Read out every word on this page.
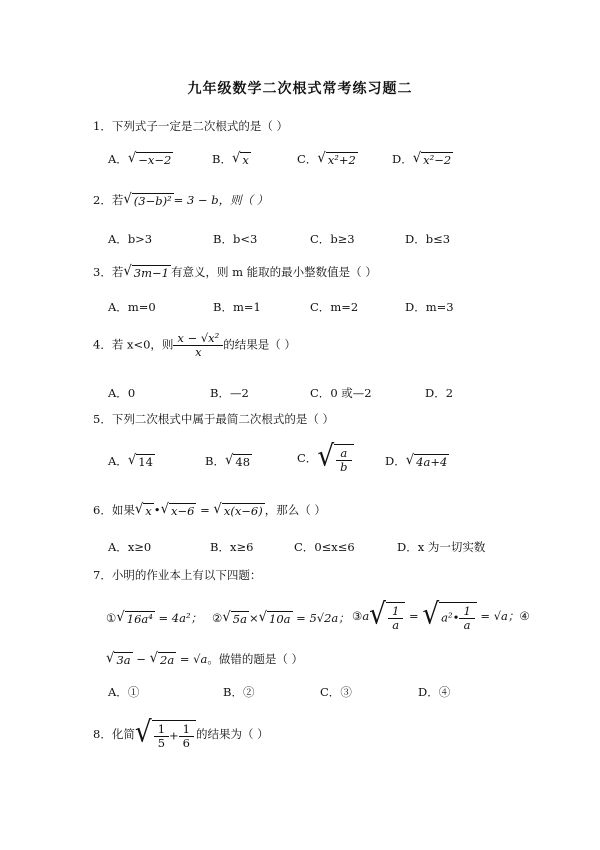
九年级数学二次根式常考练习题二
1．下列式子一定是二次根式的是（ ）
A． √ −x−2	B． √ x	C． √ x²+2	D． √ x²−2
2．若 √ (3−b)² = 3 − b，则（ ）
A．b>3	B．b<3	C．b≥3	D．b≤3
3．若 √ 3m−1 有意义，则 m 能取的最小整数值是（ ）
A．m=0	B．m=1	C．m=2	D．m=3
4．若 x<0，则 $\frac{\text{x − √x²}}{x}$ 的结果是（ ）
A．0	B．—2	C．0 或—2	D．2
5．下列二次根式中属于最简二次根式的是（ ）
A． √ 14	B． √ 48	C． √ $\frac{a}{b}$	D． √ 4a+4
6．如果 √ x • √ x−6 = √ x(x−6) ，那么（ ）
A．x≥0	B．x≥6	C．0≤x≤6	D．x 为一切实数
7．小明的作业本上有以下四题：
① √ 16a⁴ = 4a²； ② √ 5a × √ 10a = 5√2a； ③a √ $\frac{1}{a}$ = √ a²• $\frac{1}{a} = √a$；④
√ 3a − √ 2a = √a。做错的题是（ ）
A．①	B．②	C．③	D．④
8．化简 √ $\frac{1}{5} + \frac{1}{6}$ 的结果为（ ）
